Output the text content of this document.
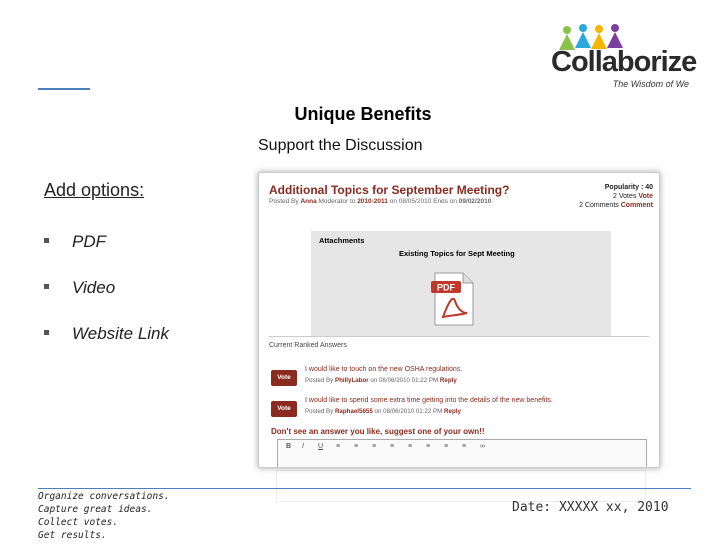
Collaborize
The Wisdom of We
Unique Benefits
Support the Discussion
Add options:
PDF
Video
Website Link
Additional Topics for September Meeting?
Posted By Anna Moderator to 2010-2011 on 08/05/2010 Ends on 09/02/2010
Popularity : 40
2 Votes Vote
2 Comments Comment
Attachments
Existing Topics for Sept Meeting
PDF
Current Ranked Answers
Vote
I would like to touch on the new OSHA regulations.
Posted By PhillyLabor on 08/06/2010 01:22 PM Reply
Vote
I would like to spend some extra time getting into the details of the new benefits.
Posted By Raphael5655 on 08/06/2010 01:22 PM Reply
Don't see an answer you like, suggest one of your own!!
B I U ≡ ≡ ≡ ≡ ≡ ≡ ≡ ≡ ∞
Organize conversations.
Capture great ideas.
Collect votes.
Get results.
Date: XXXXX xx, 2010
